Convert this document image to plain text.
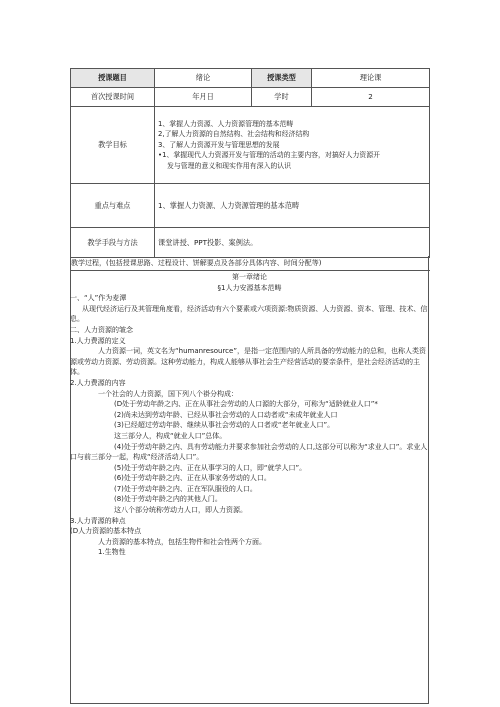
授课题目	绪论	授课类型	理论课
首次授课时间	年月日	学时	2
教学目标	1、掌握人力资源、人力资源管理的基本范畴
2,了解人力资源的自然结构、社会结构和经济结构
3、了解人力资源开发与管理思想的发展
•1、掌握现代人力资源开发与管理的活动的主要内容，对搞好人力资源开
发与管理的意义和现实作用有深入的认识		

重点与难点	1、掌握人力资源、人力资源管理的基本范畴		
教学手段与方法	课堂讲授、PPT投影、案例法。		
教学过程，(包括授课思路、过程设计、饼解要点及各部分具体内容、时间分配等)
第一章绪论
§1人力安源基本范畴
一、“人”作为麦潭
从现代经济运行及其管理角度看，经济活动有六个要素或六项资源:物质资源、人力资源、资本、管理、技术、信息。
二、人力资源的皱念
1.人力费源的定义
人力资源一词，英文名为“humanresource”，是指一定范围内的人所具备的劳动能力的总和，也称人类资源或劳动力资源、劳动资源。这种劳动能力，构成人能够从事社会生产经营活动的要亲条件，是社会经济活动的主体。
2.人力费源的内容
一个社会的人力资源，国下列八个褂分构成：
(D处于劳动年龄之内、正在从事社会劳动的人口源的大部分，可称为“适龄就业人口”*
(2)尚未达到劳动年龄、已经从事社会劳动的人口动者或“未成年就业人口
(3)已经超过劳动年龄、继续从事社会劳动的人口者或“老年就业人口”。
这三部分人，构成“就业人口”总体。
(4)处于劳动年龄之内、具有劳动能力并要求参加社会劳动的人口,这部分可以称为“求业人口”。求业人口与前三部分一起，构成“经济活动人口”。
(5)处于劳动年龄之内、正在从事学习的人口，即“就学人口”。
(6)处于劳动年龄之内、正在从事家务劳动的人口。
(7)处于劳动年龄之内、正在军队服役的人口。
(8)处于劳动年龄之内的其他人门。
这八个部分统称劳动力人口，即人力资源。
3.人力青源的种点
(D人力资源的基本特点
人力资源的基本特点，包括生物件和社会性两个方面。
1.生物性
